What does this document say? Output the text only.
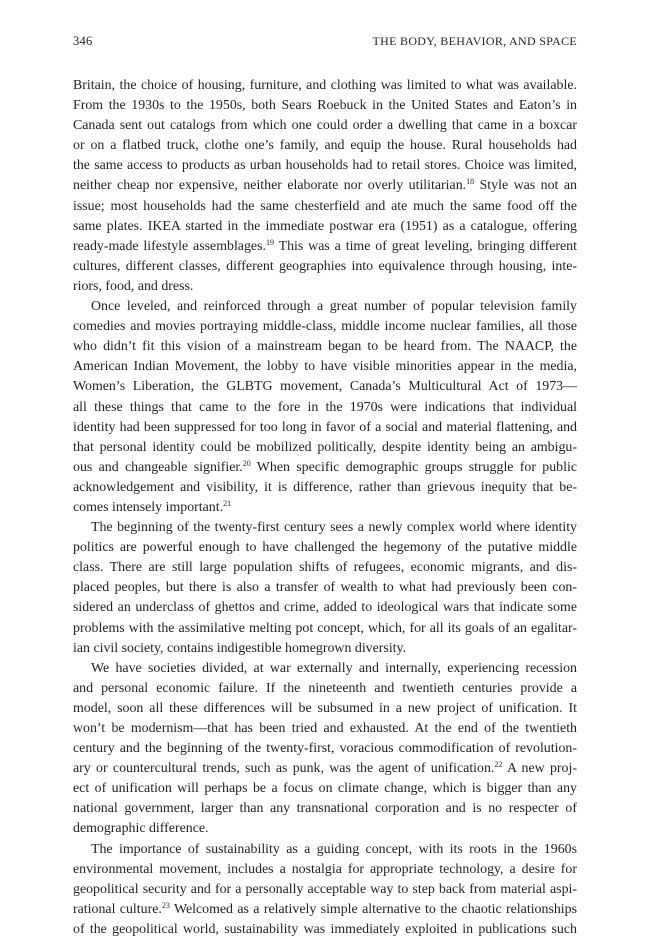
346	THE BODY, BEHAVIOR, AND SPACE

Britain, the choice of housing, furniture, and clothing was limited to what was available.
From the 1930s to the 1950s, both Sears Roebuck in the United States and Eaton’s in
Canada sent out catalogs from which one could order a dwelling that came in a boxcar
or on a flatbed truck, clothe one’s family, and equip the house. Rural households had
the same access to products as urban households had to retail stores. Choice was limited,
neither cheap nor expensive, neither elaborate nor overly utilitarian.$^{18}$ Style was not an
issue; most households had the same chesterfield and ate much the same food off the
same plates. IKEA started in the immediate postwar era (1951) as a catalogue, offering
ready-made lifestyle assemblages.$^{19}$ This was a time of great leveling, bringing different
cultures, different classes, different geographies into equivalence through housing, inte-
riors, food, and dress.

Once leveled, and reinforced through a great number of popular television family
comedies and movies portraying middle-class, middle income nuclear families, all those
who didn’t fit this vision of a mainstream began to be heard from. The NAACP, the
American Indian Movement, the lobby to have visible minorities appear in the media,
Women’s Liberation, the GLBTG movement, Canada’s Multicultural Act of 1973—
all these things that came to the fore in the 1970s were indications that individual
identity had been suppressed for too long in favor of a social and material flattening, and
that personal identity could be mobilized politically, despite identity being an ambigu-
ous and changeable signifier.$^{20}$ When specific demographic groups struggle for public
acknowledgement and visibility, it is difference, rather than grievous inequity that be-
comes intensely important.$^{21}$

The beginning of the twenty-first century sees a newly complex world where identity
politics are powerful enough to have challenged the hegemony of the putative middle
class. There are still large population shifts of refugees, economic migrants, and dis-
placed peoples, but there is also a transfer of wealth to what had previously been con-
sidered an underclass of ghettos and crime, added to ideological wars that indicate some
problems with the assimilative melting pot concept, which, for all its goals of an egalitar-
ian civil society, contains indigestible homegrown diversity.

We have societies divided, at war externally and internally, experiencing recession
and personal economic failure. If the nineteenth and twentieth centuries provide a
model, soon all these differences will be subsumed in a new project of unification. It
won’t be modernism—that has been tried and exhausted. At the end of the twentieth
century and the beginning of the twenty-first, voracious commodification of revolution-
ary or countercultural trends, such as punk, was the agent of unification.$^{22}$ A new proj-
ect of unification will perhaps be a focus on climate change, which is bigger than any
national government, larger than any transnational corporation and is no respecter of
demographic difference.

The importance of sustainability as a guiding concept, with its roots in the 1960s
environmental movement, includes a nostalgia for appropriate technology, a desire for
geopolitical security and for a personally acceptable way to step back from material aspi-
rational culture.$^{23}$ Welcomed as a relatively simple alternative to the chaotic relationships
of the geopolitical world, sustainability was immediately exploited in publications such
